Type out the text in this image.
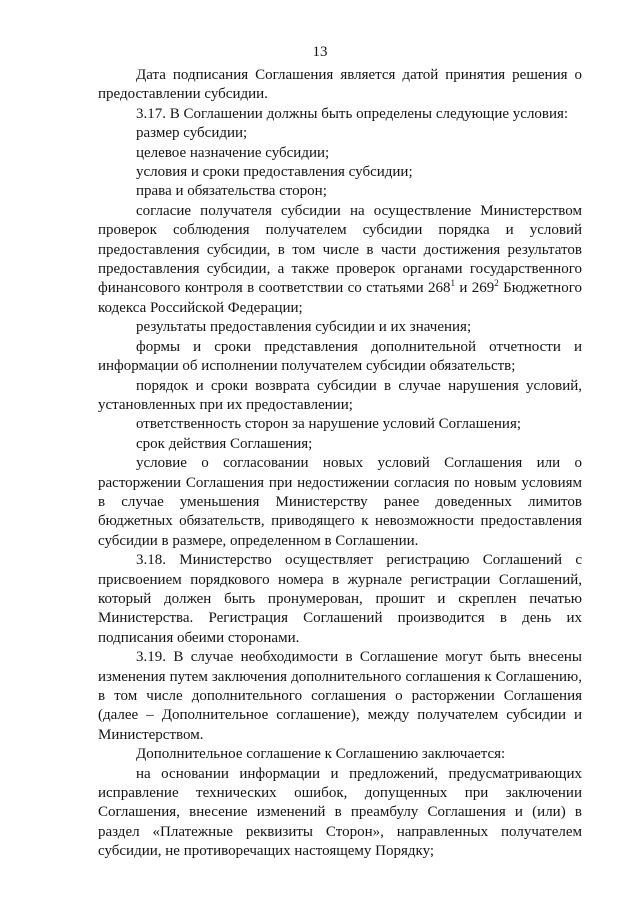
13

Дата подписания Соглашения является датой принятия решения о предоставлении субсидии.

3.17. В Соглашении должны быть определены следующие условия:

размер субсидии;

целевое назначение субсидии;

условия и сроки предоставления субсидии;

права и обязательства сторон;

согласие получателя субсидии на осуществление Министерством проверок соблюдения получателем субсидии порядка и условий предоставления субсидии, в том числе в части достижения результатов предоставления субсидии, а также проверок органами государственного финансового контроля в соответствии со статьями $268^1$ и $269^2$ Бюджетного кодекса Российской Федерации;

результаты предоставления субсидии и их значения;

формы и сроки представления дополнительной отчетности и информации об исполнении получателем субсидии обязательств;

порядок и сроки возврата субсидии в случае нарушения условий, установленных при их предоставлении;

ответственность сторон за нарушение условий Соглашения;

срок действия Соглашения;

условие о согласовании новых условий Соглашения или о расторжении Соглашения при недостижении согласия по новым условиям в случае уменьшения Министерству ранее доведенных лимитов бюджетных обязательств, приводящего к невозможности предоставления субсидии в размере, определенном в Соглашении.

3.18. Министерство осуществляет регистрацию Соглашений с присвоением порядкового номера в журнале регистрации Соглашений, который должен быть пронумерован, прошит и скреплен печатью Министерства. Регистрация Соглашений производится в день их подписания обеими сторонами.

3.19. В случае необходимости в Соглашение могут быть внесены изменения путем заключения дополнительного соглашения к Соглашению, в том числе дополнительного соглашения о расторжении Соглашения (далее – Дополнительное соглашение), между получателем субсидии и Министерством.

Дополнительное соглашение к Соглашению заключается:

на основании информации и предложений, предусматривающих исправление технических ошибок, допущенных при заключении Соглашения, внесение изменений в преамбулу Соглашения и (или) в раздел «Платежные реквизиты Сторон», направленных получателем субсидии, не противоречащих настоящему Порядку;
